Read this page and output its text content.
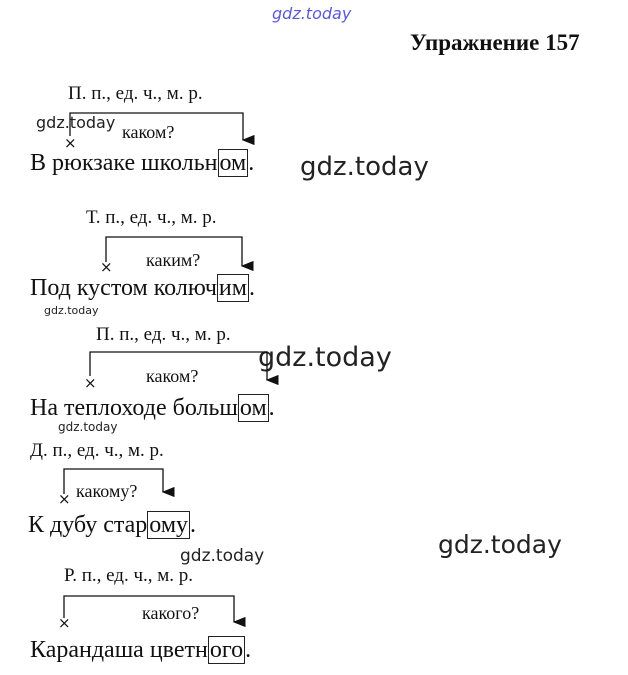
gdz.today
gdz.today
gdz.today
gdz.today
gdz.today
gdz.today
gdz.today
gdz.today
Упражнение 157
П. п., ед. ч., м. р.
каком?
×
В рюкзаке школьном.
Т. п., ед. ч., м. р.
каким?
×
Под кустом колючим.
П. п., ед. ч., м. р.
каком?
×
На теплоходе большом.
Д. п., ед. ч., м. р.
какому?
×
К дубу старому.
Р. п., ед. ч., м. р.
какого?
×
Карандаша цветного.
